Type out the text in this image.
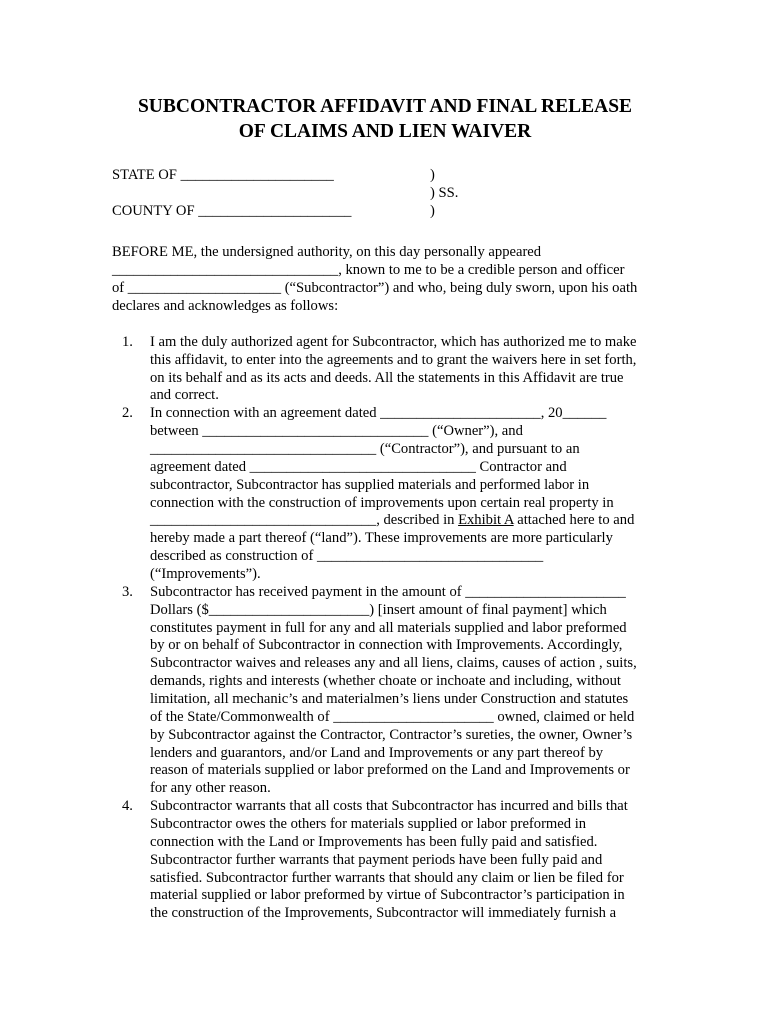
SUBCONTRACTOR AFFIDAVIT AND FINAL RELEASE
OF CLAIMS AND LIEN WAIVER
STATE OF _____________________	)
) SS.
COUNTY OF _____________________	)
BEFORE ME, the undersigned authority, on this day personally appeared
_______________________________, known to me to be a credible person and officer
of _____________________ (“Subcontractor”) and who, being duly sworn, upon his oath
declares and acknowledges as follows:
1. I am the duly authorized agent for Subcontractor, which has authorized me to make
this affidavit, to enter into the agreements and to grant the waivers here in set forth,
on its behalf and as its acts and deeds. All the statements in this Affidavit are true
and correct.
2. In connection with an agreement dated ______________________, 20______
between _______________________________ (“Owner”), and
_______________________________ (“Contractor”), and pursuant to an
agreement dated _______________________________ Contractor and
subcontractor, Subcontractor has supplied materials and performed labor in
connection with the construction of improvements upon certain real property in
_______________________________, described in Exhibit A attached here to and
hereby made a part thereof (“land”). These improvements are more particularly
described as construction of _______________________________
(“Improvements”).
3. Subcontractor has received payment in the amount of ______________________
Dollars ($______________________) [insert amount of final payment] which
constitutes payment in full for any and all materials supplied and labor preformed
by or on behalf of Subcontractor in connection with Improvements. Accordingly,
Subcontractor waives and releases any and all liens, claims, causes of action , suits,
demands, rights and interests (whether choate or inchoate and including, without
limitation, all mechanic’s and materialmen’s liens under Construction and statutes
of the State/Commonwealth of ______________________ owned, claimed or held
by Subcontractor against the Contractor, Contractor’s sureties, the owner, Owner’s
lenders and guarantors, and/or Land and Improvements or any part thereof by
reason of materials supplied or labor preformed on the Land and Improvements or
for any other reason.
4. Subcontractor warrants that all costs that Subcontractor has incurred and bills that
Subcontractor owes the others for materials supplied or labor preformed in
connection with the Land or Improvements has been fully paid and satisfied.
Subcontractor further warrants that payment periods have been fully paid and
satisfied. Subcontractor further warrants that should any claim or lien be filed for
material supplied or labor preformed by virtue of Subcontractor’s participation in
the construction of the Improvements, Subcontractor will immediately furnish a
